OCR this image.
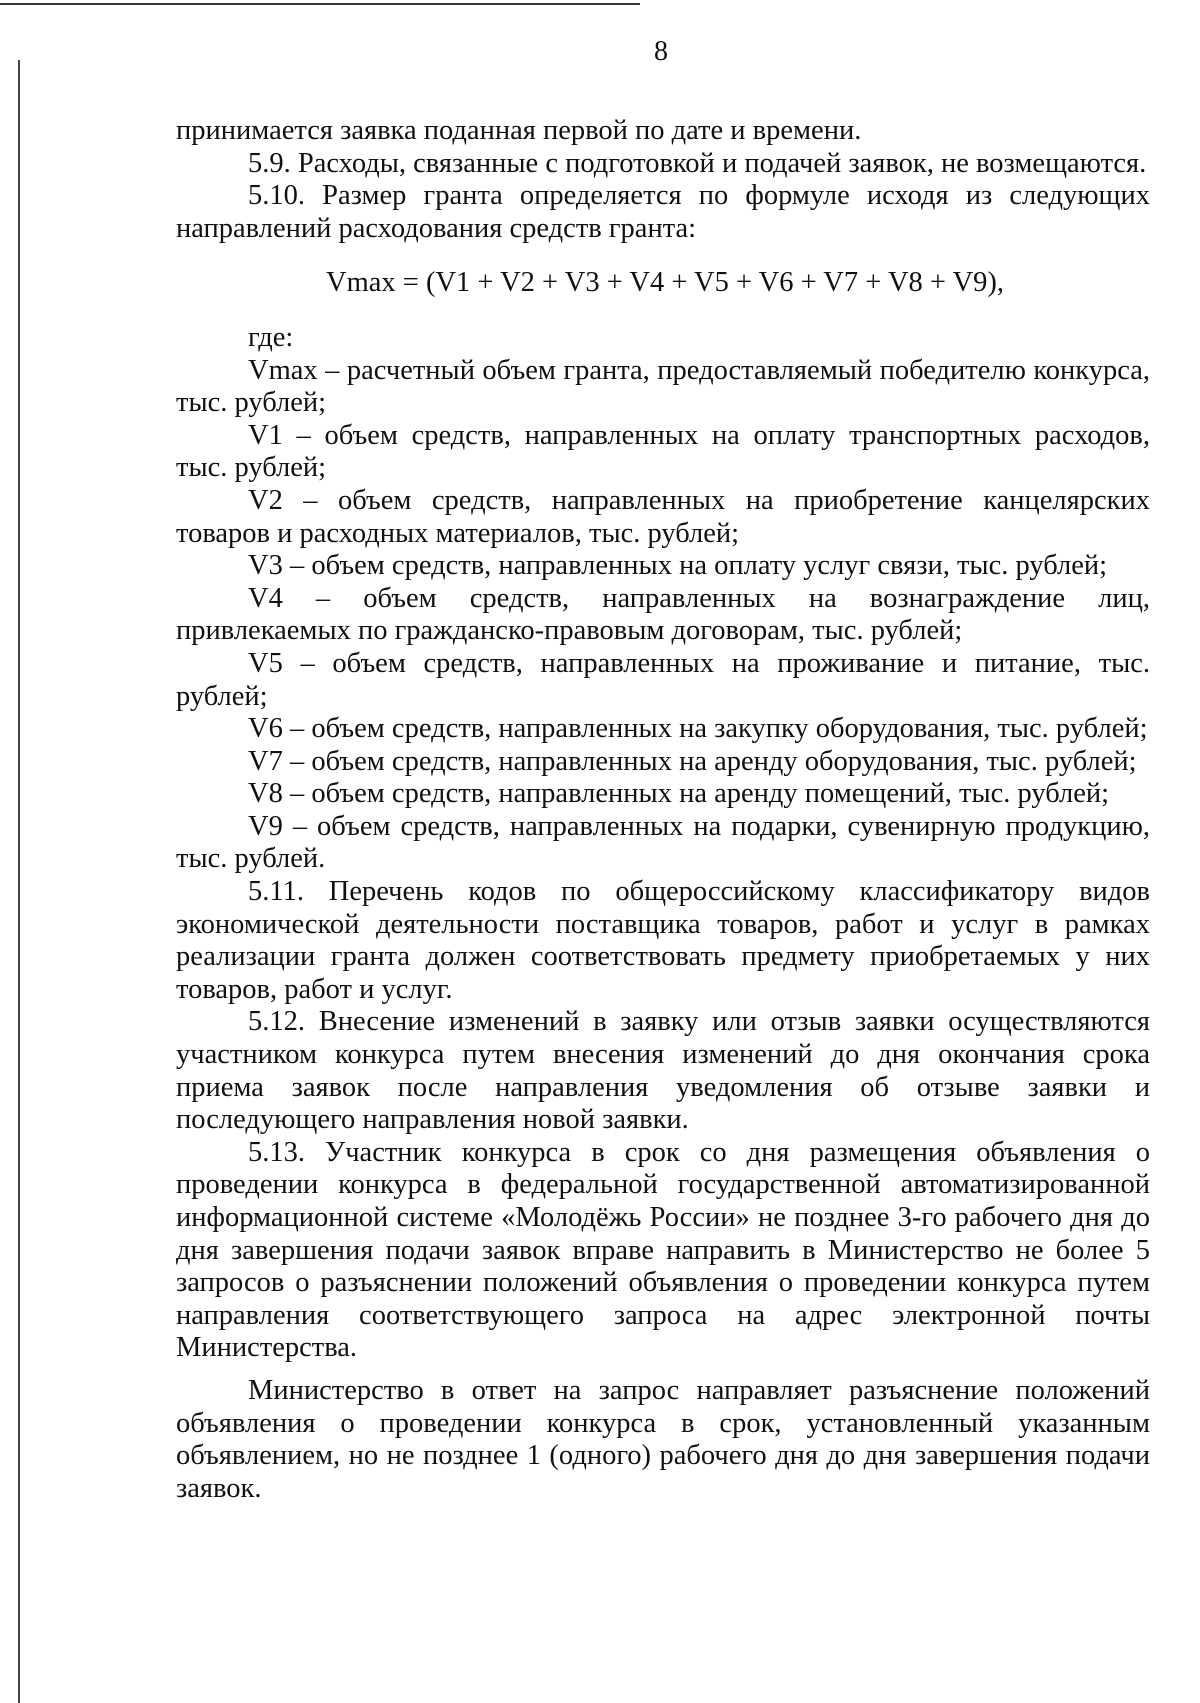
8

принимается заявка поданная первой по дате и времени.

5.9. Расходы, связанные с подготовкой и подачей заявок, не возмещаются.

5.10. Размер гранта определяется по формуле исходя из следующих направлений расходования средств гранта:

Vmax = (V1 + V2 + V3 + V4 + V5 + V6 + V7 + V8 + V9),

где:

Vmax – расчетный объем гранта, предоставляемый победителю конкурса, тыс. рублей;

V1 – объем средств, направленных на оплату транспортных расходов, тыс. рублей;

V2 – объем средств, направленных на приобретение канцелярских товаров и расходных материалов, тыс. рублей;

V3 – объем средств, направленных на оплату услуг связи, тыс. рублей;

V4 – объем средств, направленных на вознаграждение лиц, привлекаемых по гражданско-правовым договорам, тыс. рублей;

V5 – объем средств, направленных на проживание и питание, тыс. рублей;

V6 – объем средств, направленных на закупку оборудования, тыс. рублей;

V7 – объем средств, направленных на аренду оборудования, тыс. рублей;

V8 – объем средств, направленных на аренду помещений, тыс. рублей;

V9 – объем средств, направленных на подарки, сувенирную продукцию, тыс. рублей.

5.11. Перечень кодов по общероссийскому классификатору видов экономической деятельности поставщика товаров, работ и услуг в рамках реализации гранта должен соответствовать предмету приобретаемых у них товаров, работ и услуг.

5.12. Внесение изменений в заявку или отзыв заявки осуществляются участником конкурса путем внесения изменений до дня окончания срока приема заявок после направления уведомления об отзыве заявки и последующего направления новой заявки.

5.13. Участник конкурса в срок со дня размещения объявления о проведении конкурса в федеральной государственной автоматизированной информационной системе «Молодёжь России» не позднее 3-го рабочего дня до дня завершения подачи заявок вправе направить в Министерство не более 5 запросов о разъяснении положений объявления о проведении конкурса путем направления соответствующего запроса на адрес электронной почты Министерства.

Министерство в ответ на запрос направляет разъяснение положений объявления о проведении конкурса в срок, установленный указанным объявлением, но не позднее 1 (одного) рабочего дня до дня завершения подачи заявок.
